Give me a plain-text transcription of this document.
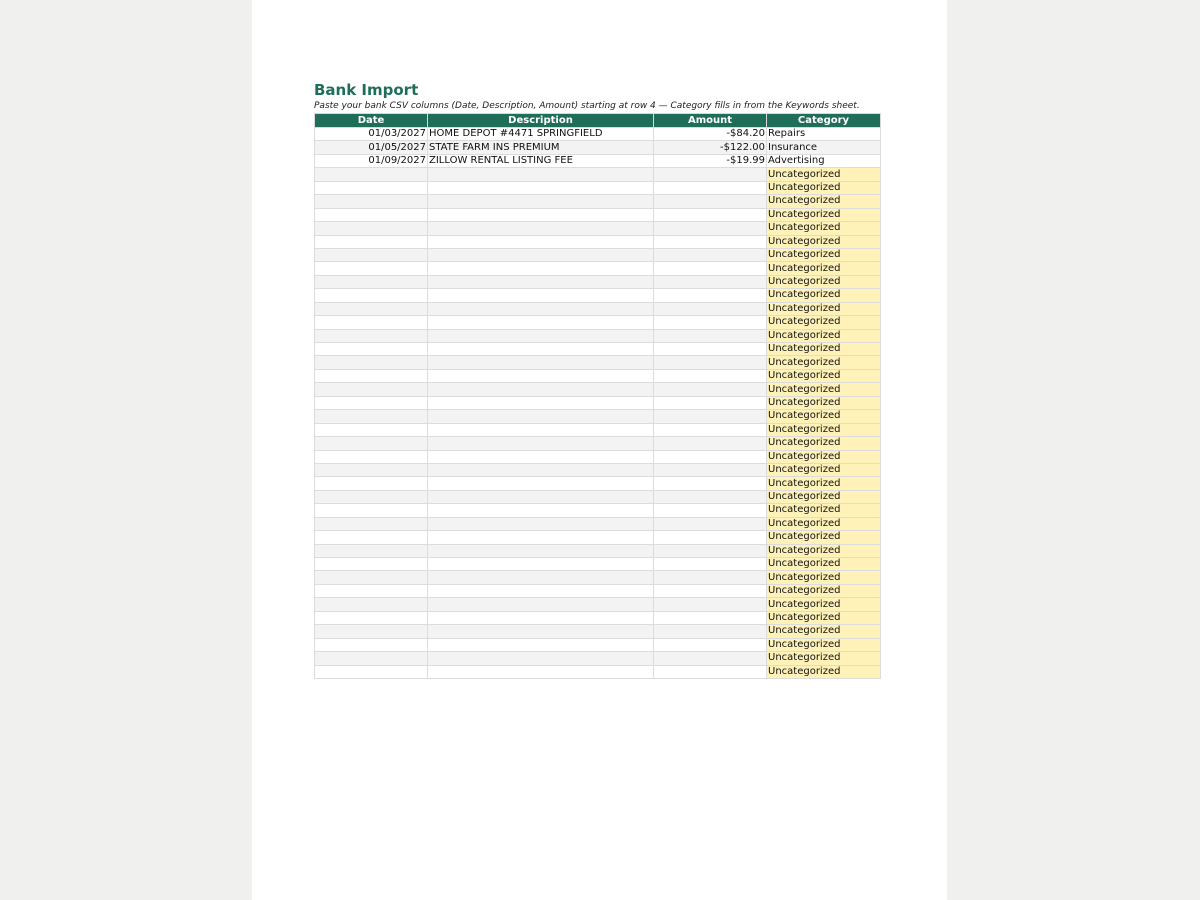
Bank Import
Paste your bank CSV columns (Date, Description, Amount) starting at row 4 — Category fills in from the Keywords sheet.
Date	Description	Amount	Category
01/03/2027	HOME DEPOT #4471 SPRINGFIELD	-$84.20	Repairs
01/05/2027	STATE FARM INS PREMIUM	-$122.00	Insurance
01/09/2027	ZILLOW RENTAL LISTING FEE	-$19.99	Advertising
			Uncategorized
			Uncategorized
			Uncategorized
			Uncategorized
			Uncategorized
			Uncategorized
			Uncategorized
			Uncategorized
			Uncategorized
			Uncategorized
			Uncategorized
			Uncategorized
			Uncategorized
			Uncategorized
			Uncategorized
			Uncategorized
			Uncategorized
			Uncategorized
			Uncategorized
			Uncategorized
			Uncategorized
			Uncategorized
			Uncategorized
			Uncategorized
			Uncategorized
			Uncategorized
			Uncategorized
			Uncategorized
			Uncategorized
			Uncategorized
			Uncategorized
			Uncategorized
			Uncategorized
			Uncategorized
			Uncategorized
			Uncategorized
			Uncategorized
			Uncategorized
